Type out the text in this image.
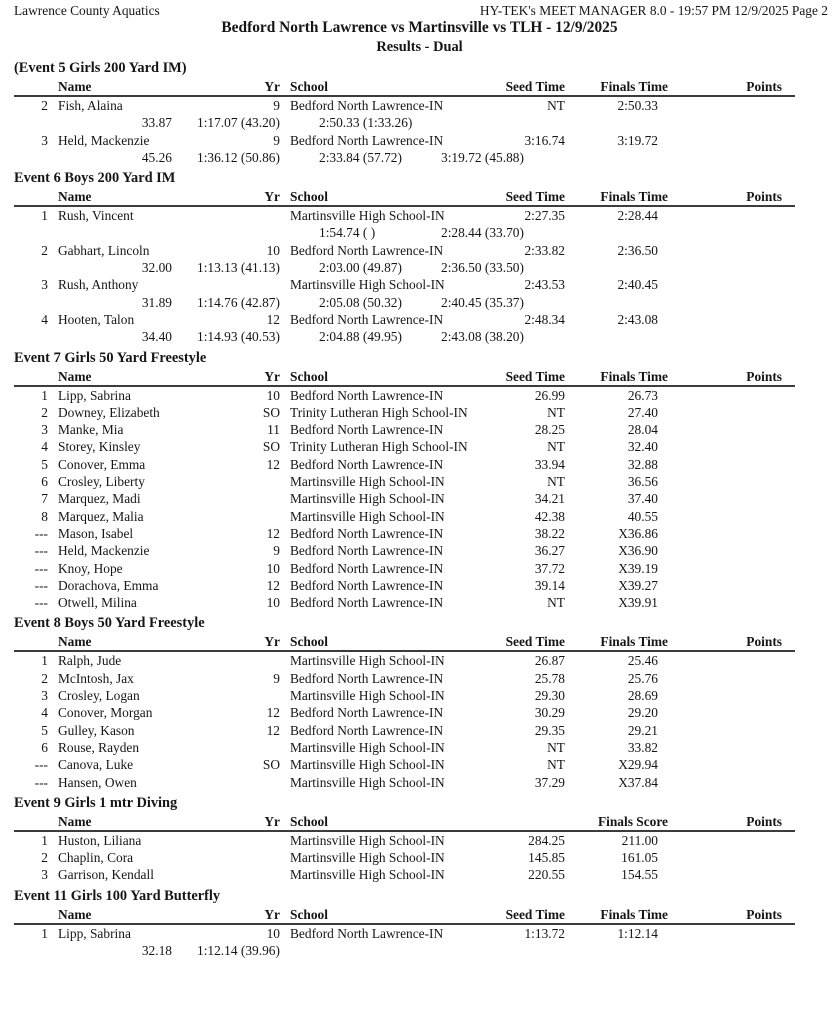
Lawrence County Aquatics	HY-TEK's MEET MANAGER 8.0 - 19:57 PM 12/9/2025 Page 2
Bedford North Lawrence vs Martinsville vs TLH - 12/9/2025
Results - Dual
(Event 5 Girls 200 Yard IM)
Name	Yr School	Seed Time	Finals Time	Points
2 Fish, Alaina	9 Bedford North Lawrence-IN	NT	2:50.33
33.87 1:17.07 (43.20)	2:50.33 (1:33.26)
3 Held, Mackenzie	9 Bedford North Lawrence-IN	3:16.74	3:19.72
45.26 1:36.12 (50.86)	2:33.84 (57.72)	3:19.72 (45.88)
Event 6 Boys 200 Yard IM
Name	Yr School	Seed Time	Finals Time	Points
1 Rush, Vincent	Martinsville High School-IN	2:27.35	2:28.44
1:54.74 ( )	2:28.44 (33.70)
2 Gabhart, Lincoln	10 Bedford North Lawrence-IN	2:33.82	2:36.50
32.00 1:13.13 (41.13)	2:03.00 (49.87)	2:36.50 (33.50)
3 Rush, Anthony	Martinsville High School-IN	2:43.53	2:40.45
31.89 1:14.76 (42.87)	2:05.08 (50.32)	2:40.45 (35.37)
4 Hooten, Talon	12 Bedford North Lawrence-IN	2:48.34	2:43.08
34.40 1:14.93 (40.53)	2:04.88 (49.95)	2:43.08 (38.20)
Event 7 Girls 50 Yard Freestyle
Name	Yr School	Seed Time	Finals Time	Points
1 Lipp, Sabrina	10 Bedford North Lawrence-IN	26.99	26.73
2 Downey, Elizabeth	SO Trinity Lutheran High School-IN	NT	27.40
3 Manke, Mia	11 Bedford North Lawrence-IN	28.25	28.04
4 Storey, Kinsley	SO Trinity Lutheran High School-IN	NT	32.40
5 Conover, Emma	12 Bedford North Lawrence-IN	33.94	32.88
6 Crosley, Liberty	Martinsville High School-IN	NT	36.56
7 Marquez, Madi	Martinsville High School-IN	34.21	37.40
8 Marquez, Malia	Martinsville High School-IN	42.38	40.55
--- Mason, Isabel	12 Bedford North Lawrence-IN	38.22	X36.86
--- Held, Mackenzie	9 Bedford North Lawrence-IN	36.27	X36.90
--- Knoy, Hope	10 Bedford North Lawrence-IN	37.72	X39.19
--- Dorachova, Emma	12 Bedford North Lawrence-IN	39.14	X39.27
--- Otwell, Milina	10 Bedford North Lawrence-IN	NT	X39.91
Event 8 Boys 50 Yard Freestyle
Name	Yr School	Seed Time	Finals Time	Points
1 Ralph, Jude	Martinsville High School-IN	26.87	25.46
2 McIntosh, Jax	9 Bedford North Lawrence-IN	25.78	25.76
3 Crosley, Logan	Martinsville High School-IN	29.30	28.69
4 Conover, Morgan	12 Bedford North Lawrence-IN	30.29	29.20
5 Gulley, Kason	12 Bedford North Lawrence-IN	29.35	29.21
6 Rouse, Rayden	Martinsville High School-IN	NT	33.82
--- Canova, Luke	SO Martinsville High School-IN	NT	X29.94
--- Hansen, Owen	Martinsville High School-IN	37.29	X37.84
Event 9 Girls 1 mtr Diving
Name	Yr School	Finals Score	Points
1 Huston, Liliana	Martinsville High School-IN	284.25	211.00
2 Chaplin, Cora	Martinsville High School-IN	145.85	161.05
3 Garrison, Kendall	Martinsville High School-IN	220.55	154.55
Event 11 Girls 100 Yard Butterfly
Name	Yr School	Seed Time	Finals Time	Points
1 Lipp, Sabrina	10 Bedford North Lawrence-IN	1:13.72	1:12.14
32.18 1:12.14 (39.96)
